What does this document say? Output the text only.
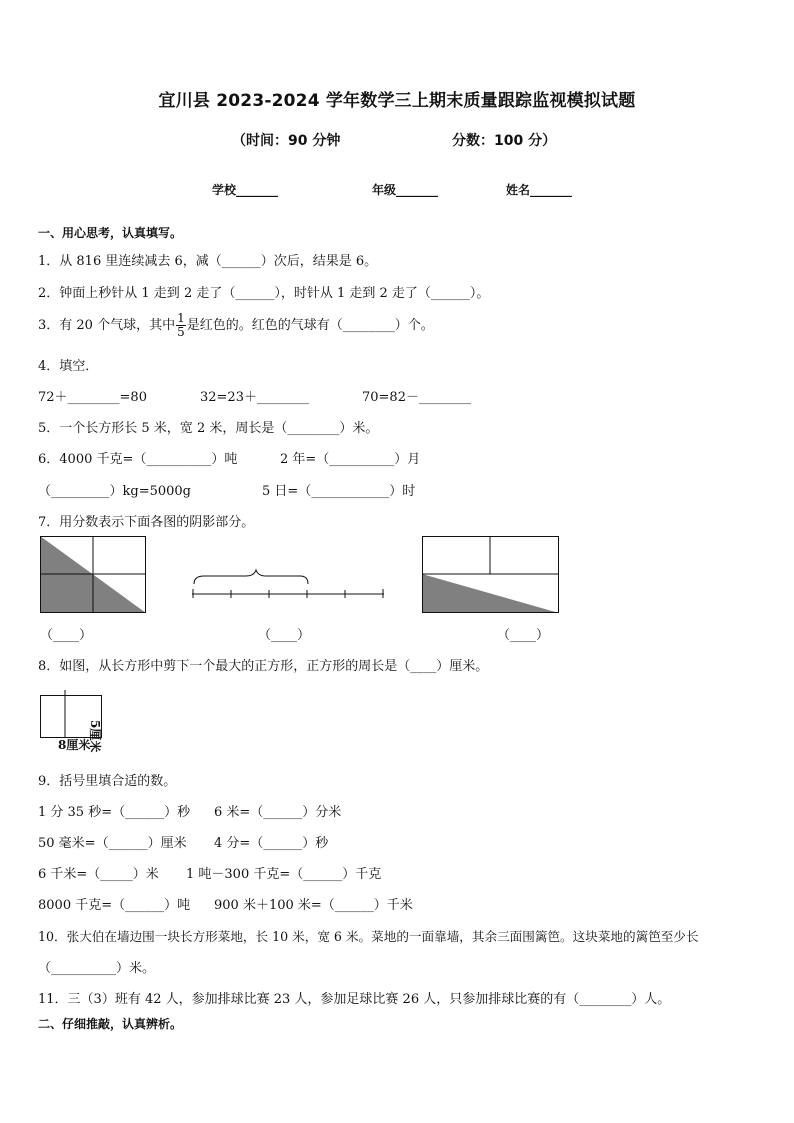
宜川县 2023-2024 学年数学三上期末质量跟踪监视模拟试题
（时间：90 分钟	分数：100 分）
学校_______	年级_______	姓名_______
一、用心思考，认真填写。
1．从 816 里连续减去 6，减（______）次后，结果是 6。
2．钟面上秒针从 1 走到 2 走了（______），时针从 1 走到 2 走了（______）。
3．有 20 个气球，其中 $\frac{1}{5}$ 是红色的。红色的气球有（________）个。
4．填空．
72＋________=80	32=23＋________	70=82－________
5．一个长方形长 5 米，宽 2 米，周长是（________）米。
6．4000 千克=（__________）吨	2 年=（__________）月
（_________）kg=5000g	5 日=（____________）时
7．用分数表示下面各图的阴影部分。
（____）	（____）	（____）
8．如图，从长方形中剪下一个最大的正方形，正方形的周长是（____）厘米。
8厘米
5厘米
9．括号里填合适的数。
1 分 35 秒=（______）秒 6 米=（______）分米
50 毫米=（______）厘米 4 分=（______）秒
6 千米=（_____）米 1 吨－300 千克=（______）千克
8000 千克=（______）吨 900 米＋100 米=（______）千米
10．张大伯在墙边围一块长方形菜地，长 10 米，宽 6 米。菜地的一面靠墙，其余三面围篱笆。这块菜地的篱笆至少长
（__________）米。
11．三（3）班有 42 人，参加排球比赛 23 人，参加足球比赛 26 人，只参加排球比赛的有（________）人。
二、仔细推敲，认真辨析。
